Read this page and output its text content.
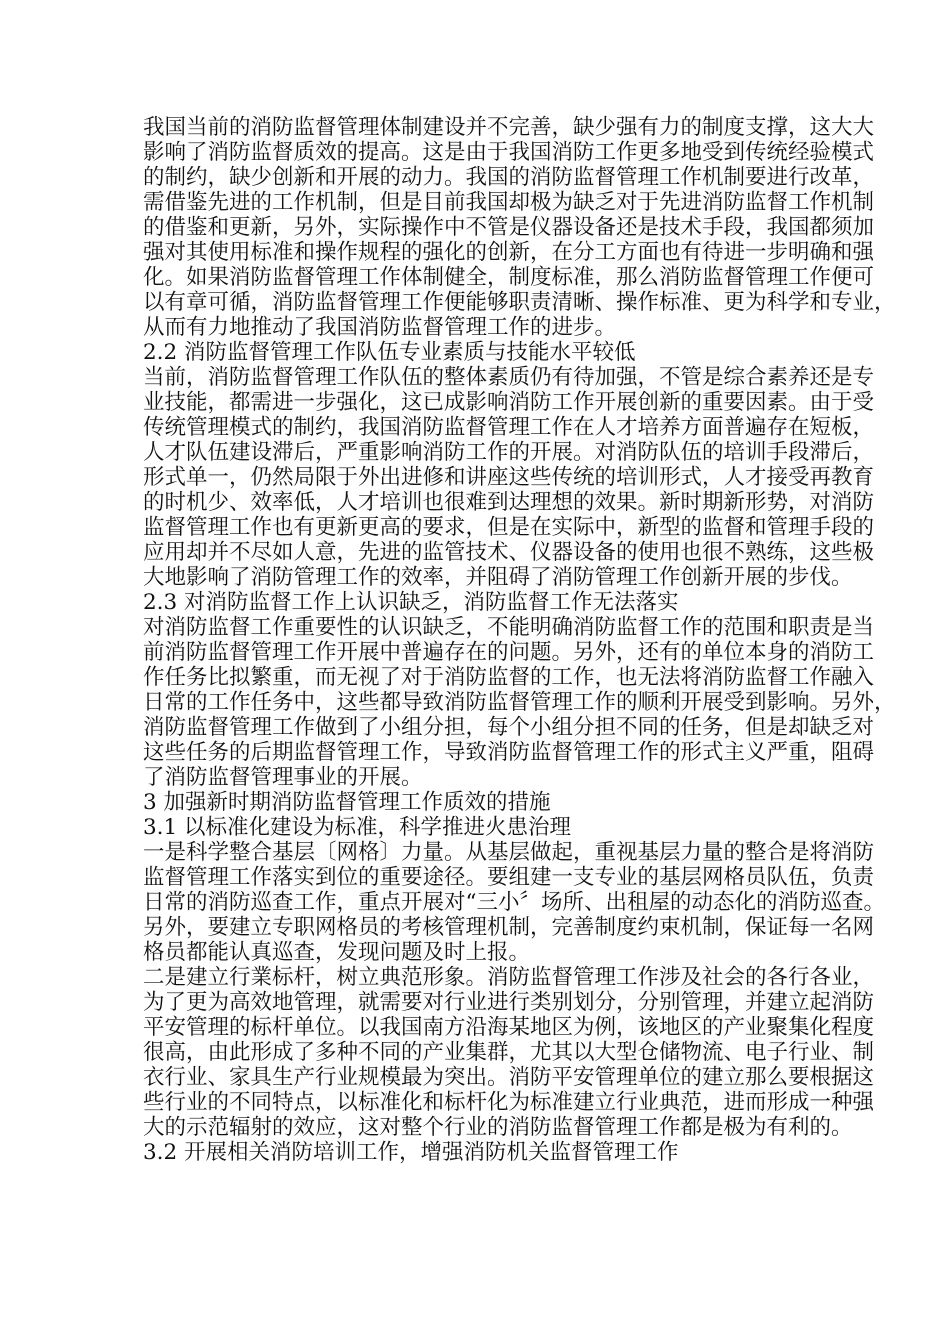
我国当前的消防监督管理体制建设并不完善，缺少强有力的制度支撑，这大大
影响了消防监督质效的提高。这是由于我国消防工作更多地受到传统经验模式
的制约，缺少创新和开展的动力。我国的消防监督管理工作机制要进行改革，
需借鉴先进的工作机制，但是目前我国却极为缺乏对于先进消防监督工作机制
的借鉴和更新，另外，实际操作中不管是仪器设备还是技术手段，我国都须加
强对其使用标准和操作规程的强化的创新，在分工方面也有待进一步明确和强
化。如果消防监督管理工作体制健全，制度标准，那么消防监督管理工作便可
以有章可循，消防监督管理工作便能够职责清晰、操作标准、更为科学和专业，
从而有力地推动了我国消防监督管理工作的进步。
2.2 消防监督管理工作队伍专业素质与技能水平较低
当前，消防监督管理工作队伍的整体素质仍有待加强，不管是综合素养还是专
业技能，都需进一步强化，这已成影响消防工作开展创新的重要因素。由于受
传统管理模式的制约，我国消防监督管理工作在人才培养方面普遍存在短板，
人才队伍建设滞后，严重影响消防工作的开展。对消防队伍的培训手段滞后，
形式单一，仍然局限于外出进修和讲座这些传统的培训形式，人才接受再教育
的时机少、效率低，人才培训也很难到达理想的效果。新时期新形势，对消防
监督管理工作也有更新更高的要求，但是在实际中，新型的监督和管理手段的
应用却并不尽如人意，先进的监管技术、仪器设备的使用也很不熟练，这些极
大地影响了消防管理工作的效率，并阻碍了消防管理工作创新开展的步伐。
2.3 对消防监督工作上认识缺乏，消防监督工作无法落实
对消防监督工作重要性的认识缺乏，不能明确消防监督工作的范围和职责是当
前消防监督管理工作开展中普遍存在的问题。另外，还有的单位本身的消防工
作任务比拟繁重，而无视了对于消防监督的工作，也无法将消防监督工作融入
日常的工作任务中，这些都导致消防监督管理工作的顺利开展受到影响。另外，
消防监督管理工作做到了小组分担，每个小组分担不同的任务，但是却缺乏对
这些任务的后期监督管理工作，导致消防监督管理工作的形式主义严重，阻碍
了消防监督管理事业的开展。
3 加强新时期消防监督管理工作质效的措施
3.1 以标准化建设为标准，科学推进火患治理
一是科学整合基层〔网格〕力量。从基层做起，重视基层力量的整合是将消防
监督管理工作落实到位的重要途径。要组建一支专业的基层网格员队伍，负责
日常的消防巡查工作，重点开展对“三小〞场所、出租屋的动态化的消防巡查。
另外，要建立专职网格员的考核管理机制，完善制度约束机制，保证每一名网
格员都能认真巡查，发现问题及时上报。
二是建立行業标杆，树立典范形象。消防监督管理工作涉及社会的各行各业，
为了更为高效地管理，就需要对行业进行类别划分，分别管理，并建立起消防
平安管理的标杆单位。以我国南方沿海某地区为例，该地区的产业聚集化程度
很高，由此形成了多种不同的产业集群，尤其以大型仓储物流、电子行业、制
衣行业、家具生产行业规模最为突出。消防平安管理单位的建立那么要根据这
些行业的不同特点，以标准化和标杆化为标准建立行业典范，进而形成一种强
大的示范辐射的效应，这对整个行业的消防监督管理工作都是极为有利的。
3.2 开展相关消防培训工作，增强消防机关监督管理工作
